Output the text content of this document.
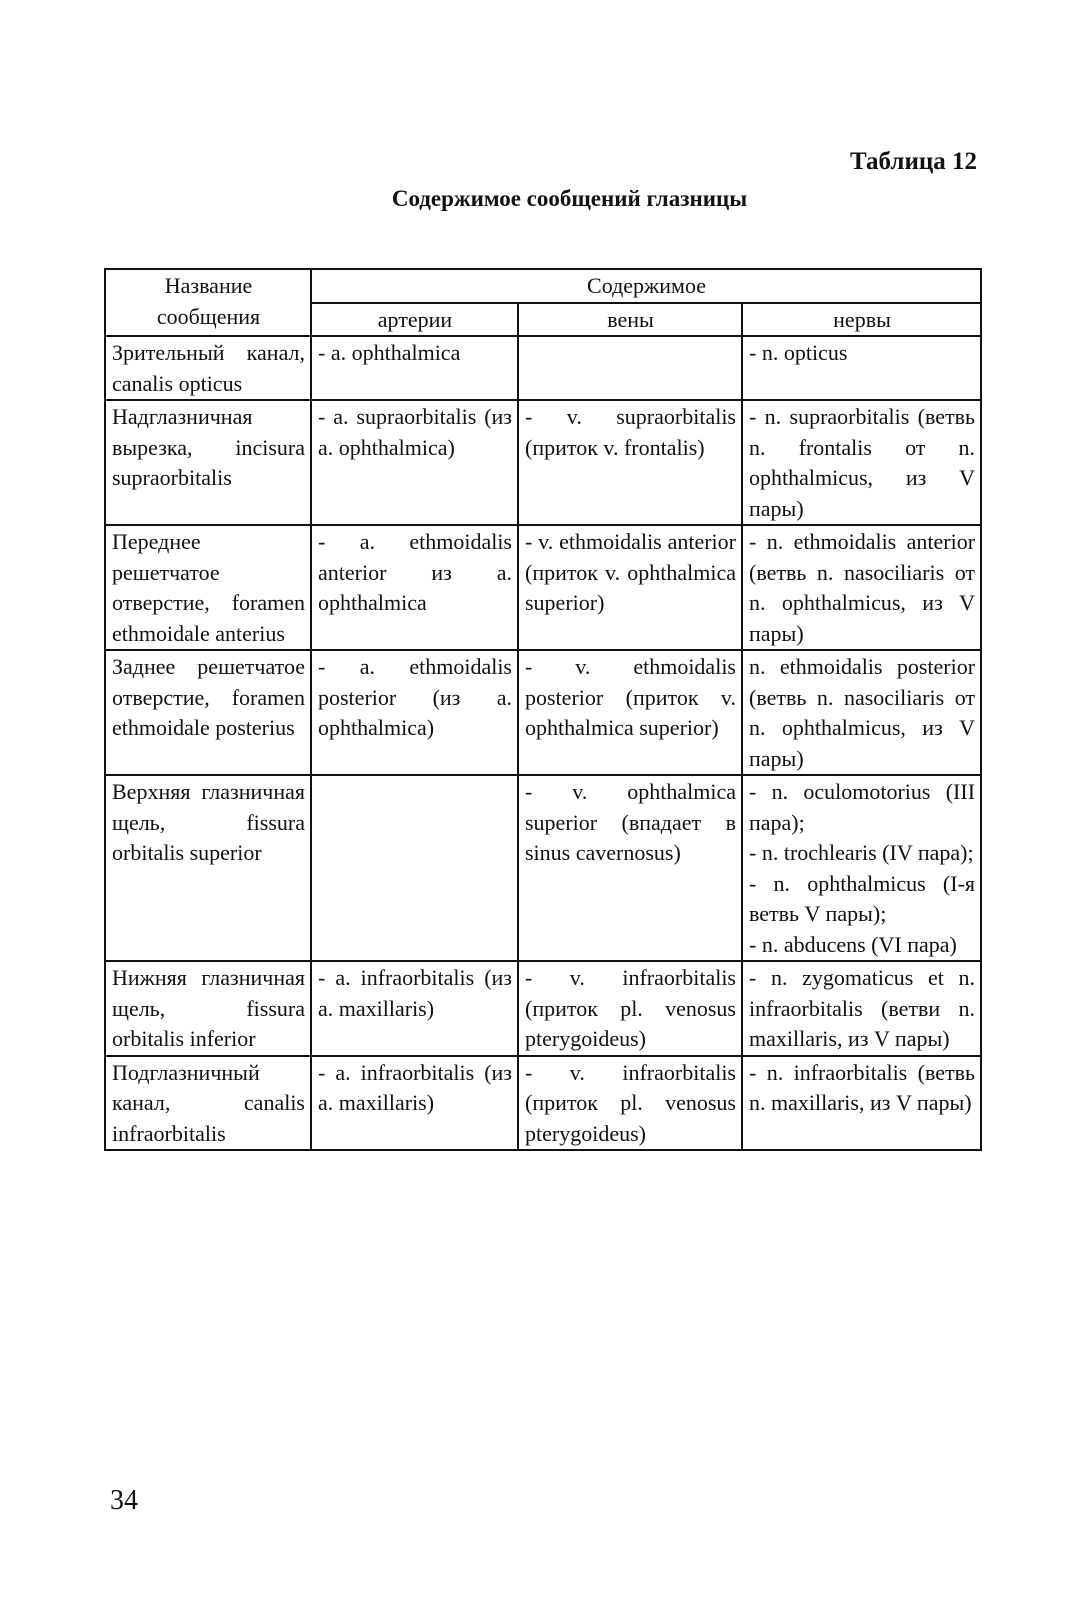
Таблица 12
Содержимое сообщений глазницы
Название сообщения	Содержимое		
	артерии	вены	нервы
Зрительный канал, canalis opticus	- a. ophthalmica		- n. opticus
Надглазничная вырезка, incisura supraorbitalis	- a. supraorbitalis (из a. ophthalmica)	- v. supraorbitalis (приток v. frontalis)	- n. supraorbitalis (ветвь n. frontalis от n. ophthalmicus, из V пары)
Переднее решетчатое отверстие, foramen ethmoidale anterius	- a. ethmoidalis anterior из a. ophthalmica	- v. ethmoidalis anterior (приток v. ophthalmica superior)	- n. ethmoidalis anterior (ветвь n. nasociliaris от n. ophthalmicus, из V пары)
Заднее решетчатое отверстие, foramen ethmoidale posterius	- a. ethmoidalis posterior (из a. ophthalmica)	- v. ethmoidalis posterior (приток v. ophthalmica superior)	n. ethmoidalis posterior (ветвь n. nasociliaris от n. ophthalmicus, из V пары)
Верхняя глазничная щель, fissura orbitalis superior		- v. ophthalmica superior (впадает в sinus cavernosus)	- n. oculomotorius (III пара);
- n. trochlearis (IV пара);
- n. ophthalmicus (I-я ветвь V пары);
- n. abducens (VI пара)

Нижняя глазничная щель, fissura orbitalis inferior	- a. infraorbitalis (из a. maxillaris)	- v. infraorbitalis (приток pl. venosus pterygoideus)	- n. zygomaticus et n. infraorbitalis (ветви n. maxillaris, из V пары)
Подглазничный канал, canalis infraorbitalis	- a. infraorbitalis (из a. maxillaris)	- v. infraorbitalis (приток pl. venosus pterygoideus)	- n. infraorbitalis (ветвь n. maxillaris, из V пары)
34
